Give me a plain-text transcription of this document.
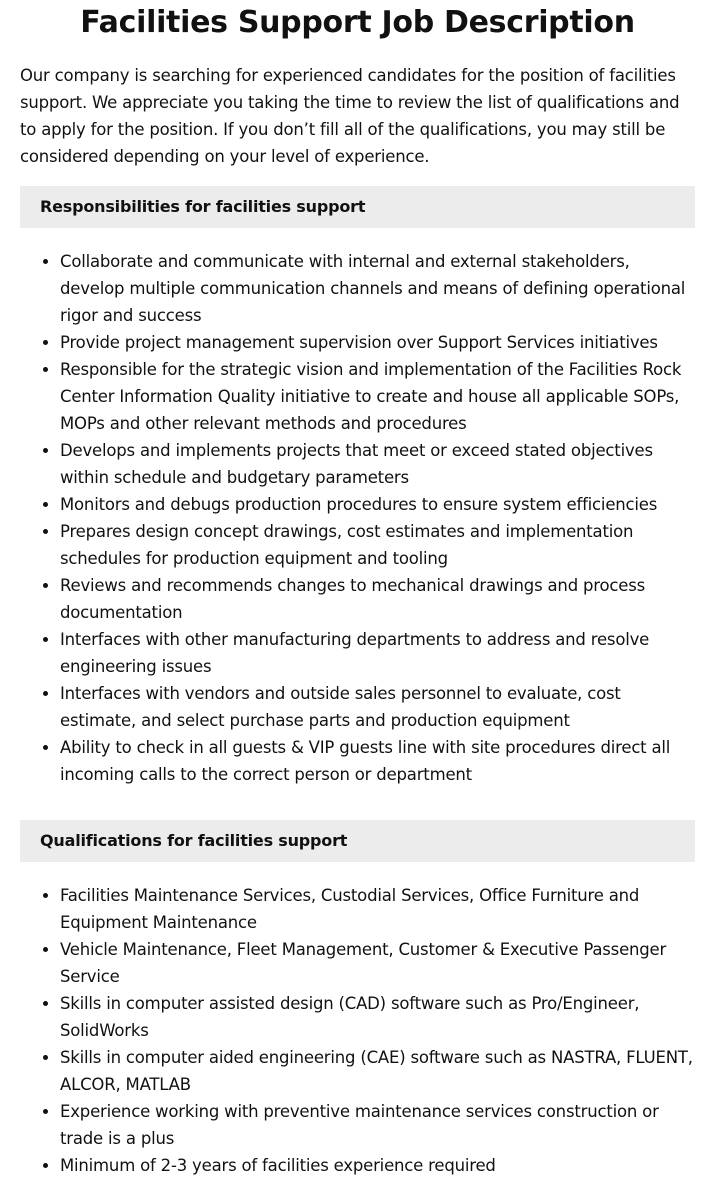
Facilities Support Job Description

Our company is searching for experienced candidates for the position of facilities support. We appreciate you taking the time to review the list of qualifications and to apply for the position. If you don’t fill all of the qualifications, you may still be considered depending on your level of experience.

Responsibilities for facilities support
• Collaborate and communicate with internal and external stakeholders, develop multiple communication channels and means of defining operational rigor and success
• Provide project management supervision over Support Services initiatives
• Responsible for the strategic vision and implementation of the Facilities Rock Center Information Quality initiative to create and house all applicable SOPs, MOPs and other relevant methods and procedures
• Develops and implements projects that meet or exceed stated objectives within schedule and budgetary parameters
• Monitors and debugs production procedures to ensure system efficiencies
• Prepares design concept drawings, cost estimates and implementation schedules for production equipment and tooling
• Reviews and recommends changes to mechanical drawings and process documentation
• Interfaces with other manufacturing departments to address and resolve engineering issues
• Interfaces with vendors and outside sales personnel to evaluate, cost estimate, and select purchase parts and production equipment
• Ability to check in all guests & VIP guests line with site procedures direct all incoming calls to the correct person or department
Qualifications for facilities support
• Facilities Maintenance Services, Custodial Services, Office Furniture and Equipment Maintenance
• Vehicle Maintenance, Fleet Management, Customer & Executive Passenger Service
• Skills in computer assisted design (CAD) software such as Pro/Engineer, SolidWorks
• Skills in computer aided engineering (CAE) software such as NASTRA, FLUENT, ALCOR, MATLAB
• Experience working with preventive maintenance services construction or trade is a plus
• Minimum of 2-3 years of facilities experience required
